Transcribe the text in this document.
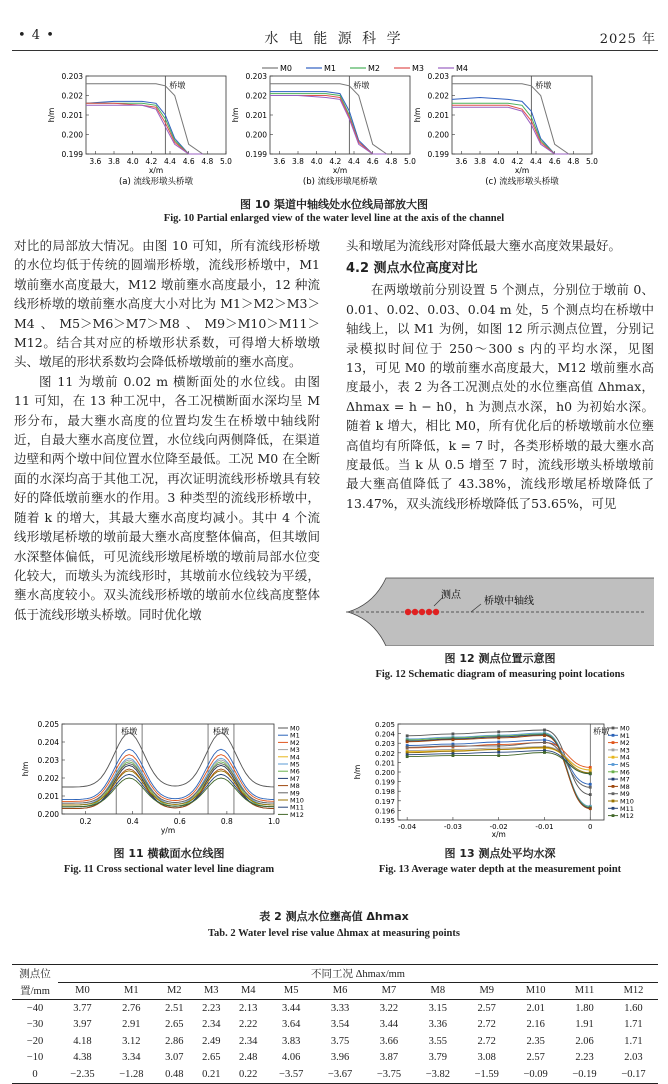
• 4 •	水 电 能 源 科 学	2025 年
M0	M1	M2	M3	M4
0.203
0.202
0.201
0.200
0.199
3.6 3.8 4.0 4.2 4.4 4.6 4.8 5.0
x/m
h/m
桥墩
(a) 流线形墩头桥墩
0.203
0.202
0.201
0.200
0.199
3.6 3.8 4.0 4.2 4.4 4.6 4.8 5.0
x/m
h/m
桥墩
(b) 流线形墩尾桥墩
0.203
0.202
0.201
0.200
0.199
3.6 3.8 4.0 4.2 4.4 4.6 4.8 5.0
x/m
h/m
桥墩
(c) 流线形墩头桥墩
图 10 渠道中轴线处水位线局部放大图
Fig. 10 Partial enlarged view of the water level line at the axis of the channel

对比的局部放大情况。由图 10 可知，所有流线形桥墩的水位均低于传统的圆端形桥墩，流线形桥墩中，M1 墩前壅水高度最大，M12 墩前壅水高度最小，12 种流线形桥墩的墩前壅水高度大小对比为 M1＞M2＞M3＞M4、M5＞M6＞M7＞M8、M9＞M10＞M11＞M12。结合其对应的桥墩形状系数，可得增大桥墩墩头、墩尾的形状系数均会降低桥墩墩前的壅水高度。

图 11 为墩前 0.02 m 横断面处的水位线。由图 11 可知，在 13 种工况中，各工况横断面水深均呈 M 形分布，最大壅水高度的位置均发生在桥墩中轴线附近，自最大壅水高度位置，水位线向两侧降低，在渠道边壁和两个墩中间位置水位降至最低。工况 M0 在全断面的水深均高于其他工况，再次证明流线形桥墩具有较好的降低墩前壅水的作用。3 种类型的流线形桥墩中，随着 k 的增大，其最大壅水高度均减小。其中 4 个流线形墩尾桥墩的墩前最大壅水高度整体偏高，但其墩间水深整体偏低，可见流线形墩尾桥墩的墩前局部水位变化较大，而墩头为流线形时，其墩前水位线较为平缓，壅水高度较小。双头流线形桥墩的墩前水位线高度整体低于流线形墩头桥墩。同时优化墩

头和墩尾为流线形对降低最大壅水高度效果最好。

4.2 测点水位高度对比

在两墩墩前分别设置 5 个测点，分别位于墩前 0、0.01、0.02、0.03、0.04 m 处，5 个测点均在桥墩中轴线上，以 M1 为例，如图 12 所示测点位置，分别记录模拟时间位于 250～300 s 内的平均水深，见图 13，可见 M0 的墩前壅水高度最大，M12 墩前壅水高度最小，表 2 为各工况测点处的水位壅高值 Δhmax，Δhmax = h − h0，h 为测点水深，h0 为初始水深。随着 k 增大，相比 M0，所有优化后的桥墩墩前水位壅高值均有所降低，k = 7 时，各类形桥墩的最大壅水高度最低。当 k 从 0.5 增至 7 时，流线形墩头桥墩墩前最大壅高值降低了 43.38%，流线形墩尾桥墩降低了 13.47%，双头流线形桥墩降低了53.65%，可见

测点
桥墩中轴线
图 12 测点位置示意图
Fig. 12 Schematic diagram of measuring point locations
0.205
0.204
0.203
0.202
0.201
0.200
0.2	0.4	0.6	0.8	1.0
y/m
h/m
桥墩	桥墩	M0
M1
M2
M3
M4
M5
M6
M7
M8
M9
M10
M11
M12
图 11 横截面水位线图
Fig. 11 Cross sectional water level line diagram
0.205
0.204
0.203
0.202
0.201
0.200
0.199
0.198
0.197
0.196
0.195
-0.04	-0.03	-0.02	-0.01	0
x/m
h/m
桥墩 M0
M1
M2
M3
M4
M5
M6
M7
M8
M9
M10
M11
M12
图 13 测点处平均水深
Fig. 13 Average water depth at the measurement point
表 2 测点水位壅高值 Δhmax
Tab. 2 Water level rise value Δhmax at measuring points
测点位	不同工况 Δhmax/mm												
置/mm	M0	M1	M2	M3	M4	M5	M6	M7	M8	M9	M10	M11	M12
−40	3.77	2.76	2.51	2.23	2.13	3.44	3.33	3.22	3.15	2.57	2.01	1.80	1.60
−30	3.97	2.91	2.65	2.34	2.22	3.64	3.54	3.44	3.36	2.72	2.16	1.91	1.71
−20	4.18	3.12	2.86	2.49	2.34	3.83	3.75	3.66	3.55	2.72	2.35	2.06	1.71
−10	4.38	3.34	3.07	2.65	2.48	4.06	3.96	3.87	3.79	3.08	2.57	2.23	2.03
0	−2.35	−1.28	0.48	0.21	0.22	−3.57	−3.67	−3.75	−3.82	−1.59	−0.09	−0.19	−0.17
